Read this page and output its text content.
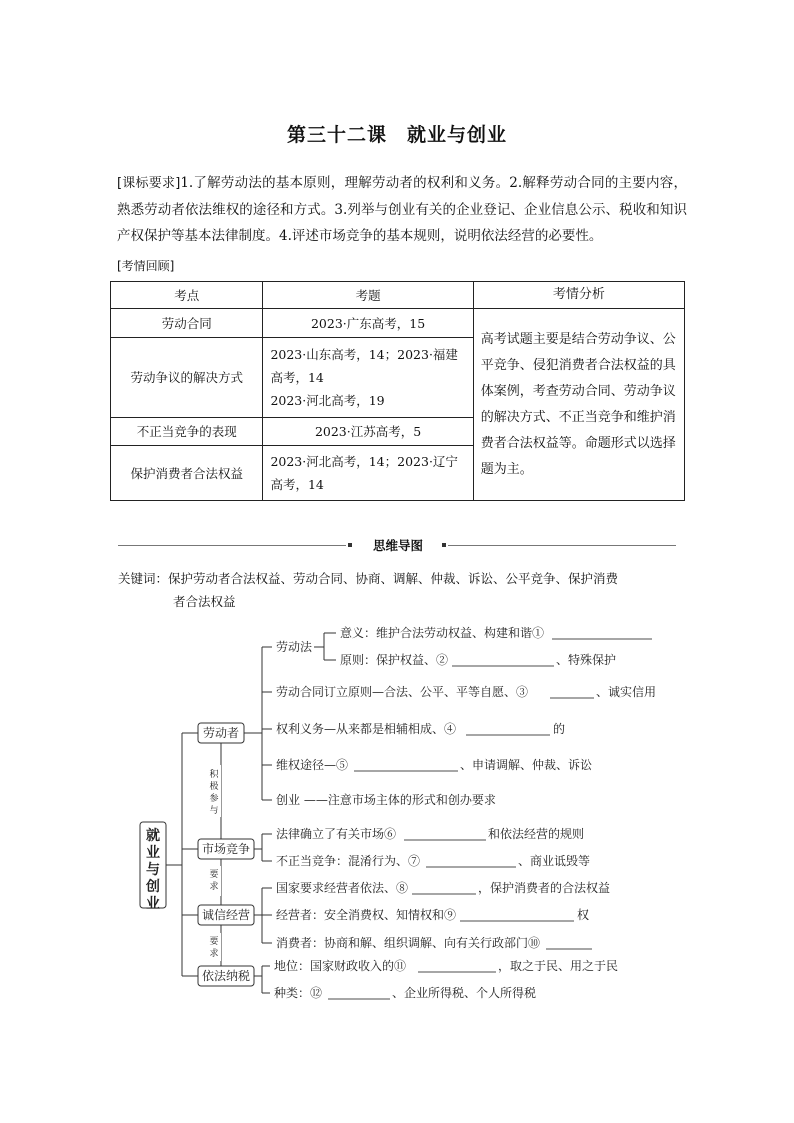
第三十二课　就业与创业
[课标要求]1.了解劳动法的基本原则，理解劳动者的权利和义务。2.解释劳动合同的主要内容，熟悉劳动者依法维权的途径和方式。3.列举与创业有关的企业登记、企业信息公示、税收和知识产权保护等基本法律制度。4.评述市场竞争的基本规则，说明依法经营的必要性。
[考情回顾]
考点	考题	考情分析
劳动合同	2023·广东高考，15	高考试题主要是结合劳动争议、公平竞争、侵犯消费者合法权益的具体案例，考查劳动合同、劳动争议的解决方式、不正当竞争和维护消费者合法权益等。命题形式以选择题为主。
劳动争议的解决方式	2023·山东高考，14；2023·福建高考，14
2023·河北高考，19	

不正当竞争的表现	2023·江苏高考，5	
保护消费者合法权益	2023·河北高考，14；2023·辽宁高考，14	
思维导图
关键词：保护劳动者合法权益、劳动合同、协商、调解、仲裁、诉讼、公平竞争、保护消费
者合法权益
就业与创业
劳动者
市场竞争
诚信经营
依法纳税
积极参与
要求
要求
劳动法
意义：维护合法劳动权益、构建和谐①
原则：保护权益、②	、特殊保护
劳动合同订立原则—合法、公平、平等自愿、③	、诚实信用
权利义务—从来都是相辅相成、④	的
维权途径—⑤	、申请调解、仲裁、诉讼
创业 ——注意市场主体的形式和创办要求
法律确立了有关市场⑥	和依法经营的规则
不正当竞争：混淆行为、⑦	、商业诋毁等
国家要求经营者依法、⑧	，保护消费者的合法权益
经营者：安全消费权、知情权和⑨	权
消费者：协商和解、组织调解、向有关行政部门⑩
地位：国家财政收入的⑪	，取之于民、用之于民
种类：⑫	、企业所得税、个人所得税
